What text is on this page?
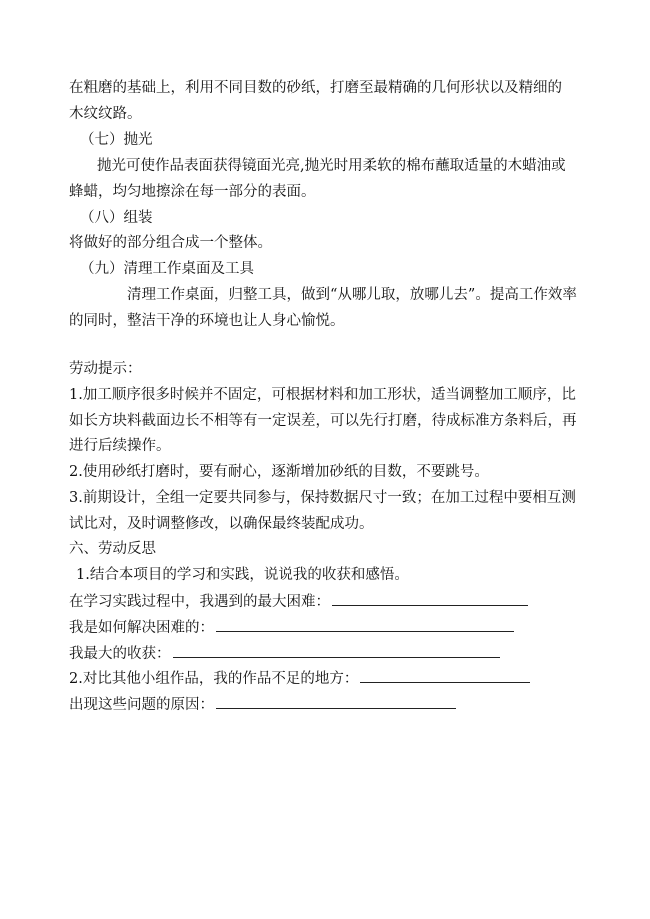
在粗磨的基础上，利用不同目数的砂纸，打磨至最精确的几何形状以及精细的
木纹纹路。
（七）抛光
抛光可使作品表面获得镜面光亮,抛光时用柔软的棉布蘸取适量的木蜡油或
蜂蜡，均匀地擦涂在每一部分的表面。
（八）组装
将做好的部分组合成一个整体。
（九）清理工作桌面及工具
清理工作桌面，归整工具，做到“从哪儿取，放哪儿去”。提高工作效率
的同时，整洁干净的环境也让人身心愉悦。
劳动提示：
1.加工顺序很多时候并不固定，可根据材料和加工形状，适当调整加工顺序，比
如长方块料截面边长不相等有一定误差，可以先行打磨，待成标准方条料后，再
进行后续操作。
2.使用砂纸打磨时，要有耐心，逐渐增加砂纸的目数，不要跳号。
3.前期设计，全组一定要共同参与，保持数据尺寸一致；在加工过程中要相互测
试比对，及时调整修改，以确保最终装配成功。
六、劳动反思
1.结合本项目的学习和实践，说说我的收获和感悟。
在学习实践过程中，我遇到的最大困难：
我是如何解决困难的：
我最大的收获：
2.对比其他小组作品，我的作品不足的地方：
出现这些问题的原因：
